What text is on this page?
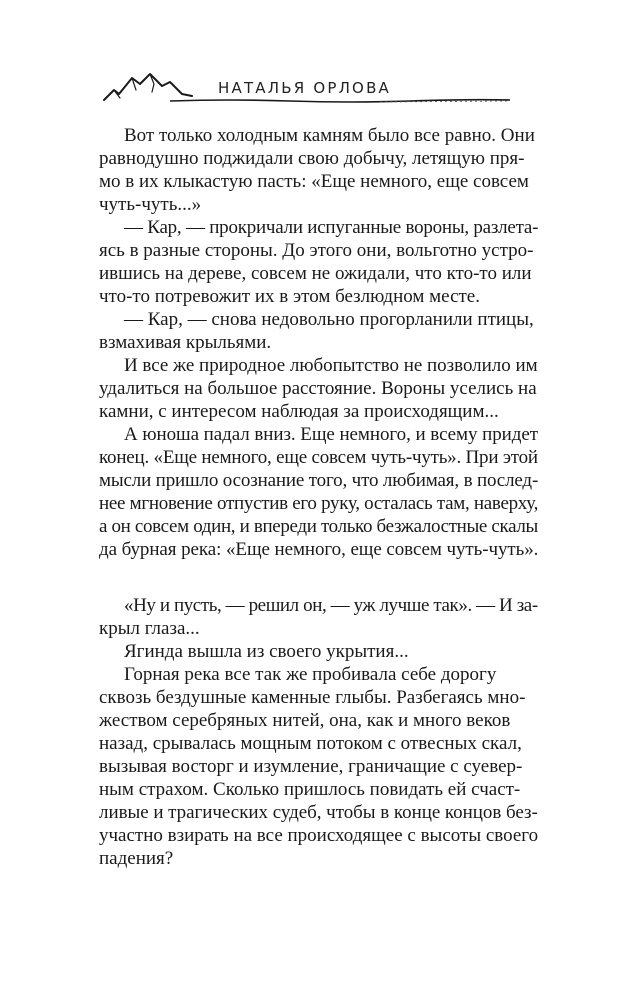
НАТАЛЬЯ ОРЛОВА
Вот только холодным камням было все равно. Они
равнодушно поджидали свою добычу, летящую пря-
мо в их клыкастую пасть: «Еще немного, еще совсем
чуть-чуть...»
— Кар, — прокричали испуганные вороны, разлета-
ясь в разные стороны. До этого они, вольготно устро-
ившись на дереве, совсем не ожидали, что кто-то или
что-то потревожит их в этом безлюдном месте.
— Кар, — снова недовольно прогорланили птицы,
взмахивая крыльями.
И все же природное любопытство не позволило им
удалиться на большое расстояние. Вороны уселись на
камни, с интересом наблюдая за происходящим...
А юноша падал вниз. Еще немного, и всему придет
конец. «Еще немного, еще совсем чуть-чуть». При этой
мысли пришло осознание того, что любимая, в послед-
нее мгновение отпустив его руку, осталась там, наверху,
а он совсем один, и впереди только безжалостные скалы
да бурная река: «Еще немного, еще совсем чуть-чуть».
«Ну и пусть, — решил он, — уж лучше так». — И за-
крыл глаза...
Ягинда вышла из своего укрытия...
Горная река все так же пробивала себе дорогу
сквозь бездушные каменные глыбы. Разбегаясь мно-
жеством серебряных нитей, она, как и много веков
назад, срывалась мощным потоком с отвесных скал,
вызывая восторг и изумление, граничащие с суевер-
ным страхом. Сколько пришлось повидать ей счаст-
ливые и трагических судеб, чтобы в конце концов без-
участно взирать на все происходящее с высоты своего
падения?
